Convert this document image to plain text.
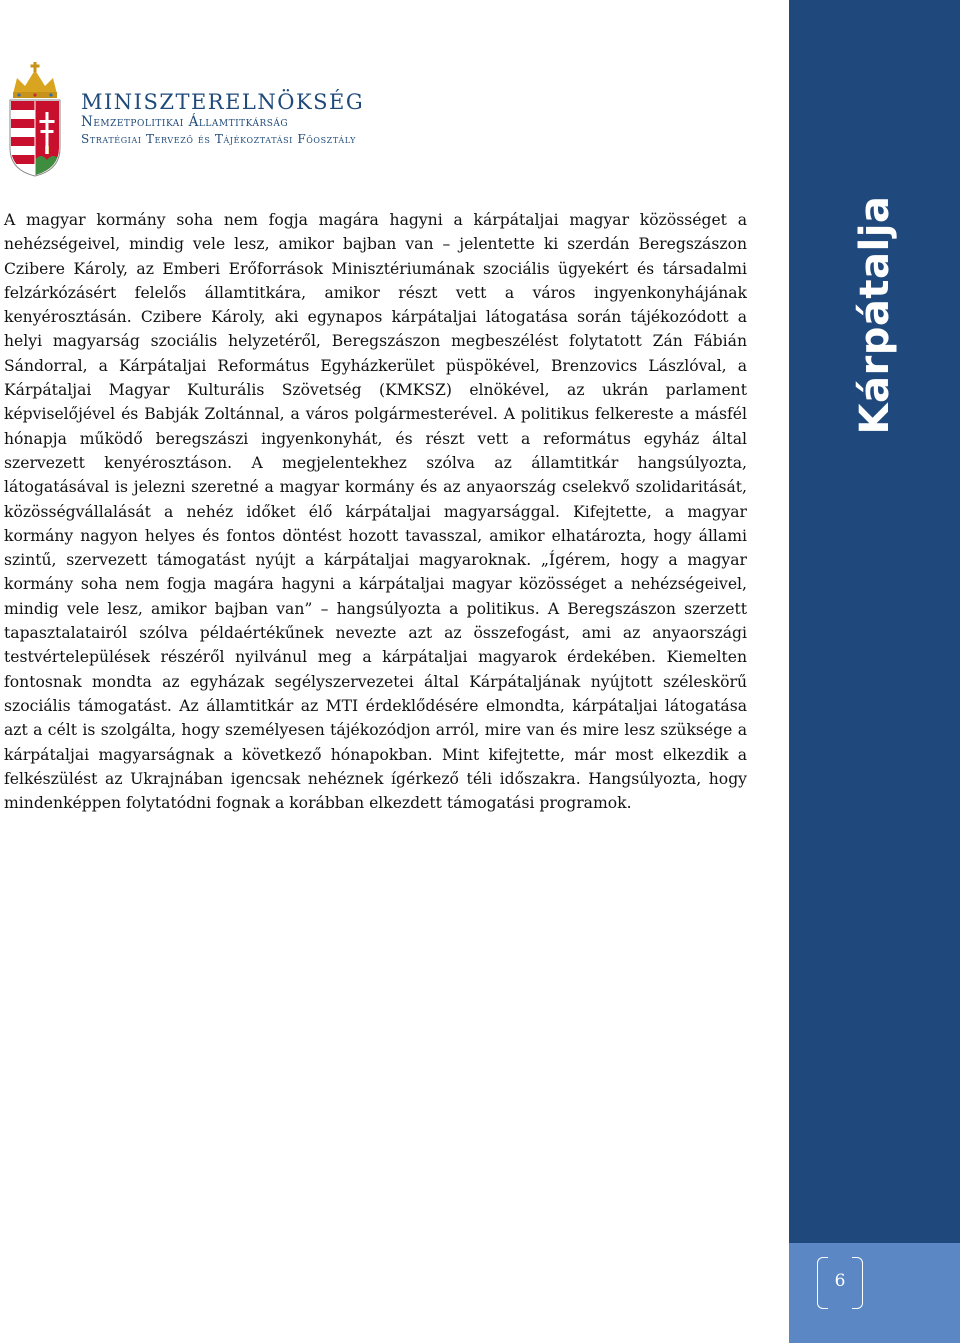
MINISZTERELNÖKSÉG

Nemzetpolitikai Államtitkárság

Stratégiai Tervező és Tájékoztatási Főosztály

A magyar kormány soha nem fogja magára hagyni a kárpátaljai magyar közösséget a nehézségeivel, mindig vele lesz, amikor bajban van – jelentette ki szerdán Beregszászon Czibere Károly, az Emberi Erőforrások Minisztériumának szociális ügyekért és társadalmi felzárkózásért felelős államtitkára, amikor részt vett a város ingyenkonyhájának kenyérosztásán. Czibere Károly, aki egynapos kárpátaljai látogatása során tájékozódott a helyi magyarság szociális helyzetéről, Beregszászon megbeszélést folytatott Zán Fábián Sándorral, a Kárpátaljai Református Egyházkerület püspökével, Brenzovics Lászlóval, a Kárpátaljai Magyar Kulturális Szövetség (KMKSZ) elnökével, az ukrán parlament képviselőjével és Babják Zoltánnal, a város polgármesterével. A politikus felkereste a másfél hónapja működő beregszászi ingyenkonyhát, és részt vett a református egyház által szervezett kenyérosztáson. A megjelentekhez szólva az államtitkár hangsúlyozta, látogatásával is jelezni szeretné a magyar kormány és az anyaország cselekvő szolidaritását, közösségvállalását a nehéz időket élő kárpátaljai magyarsággal. Kifejtette, a magyar kormány nagyon helyes és fontos döntést hozott tavasszal, amikor elhatározta, hogy állami szintű, szervezett támogatást nyújt a kárpátaljai magyaroknak. „Ígérem, hogy a magyar kormány soha nem fogja magára hagyni a kárpátaljai magyar közösséget a nehézségeivel, mindig vele lesz, amikor bajban van” – hangsúlyozta a politikus. A Beregszászon szerzett tapasztalatairól szólva példaértékűnek nevezte azt az összefogást, ami az anyaországi testvértelepülések részéről nyilvánul meg a kárpátaljai magyarok érdekében. Kiemelten fontosnak mondta az egyházak segélyszervezetei által Kárpátaljának nyújtott széleskörű szociális támogatást. Az államtitkár az MTI érdeklődésére elmondta, kárpátaljai látogatása azt a célt is szolgálta, hogy személyesen tájékozódjon arról, mire van és mire lesz szüksége a kárpátaljai magyarságnak a következő hónapokban. Mint kifejtette, már most elkezdik a felkészülést az Ukrajnában igencsak nehéznek ígérkező téli időszakra. Hangsúlyozta, hogy mindenképpen folytatódni fognak a korábban elkezdett támogatási programok.

Kárpátalja
6
